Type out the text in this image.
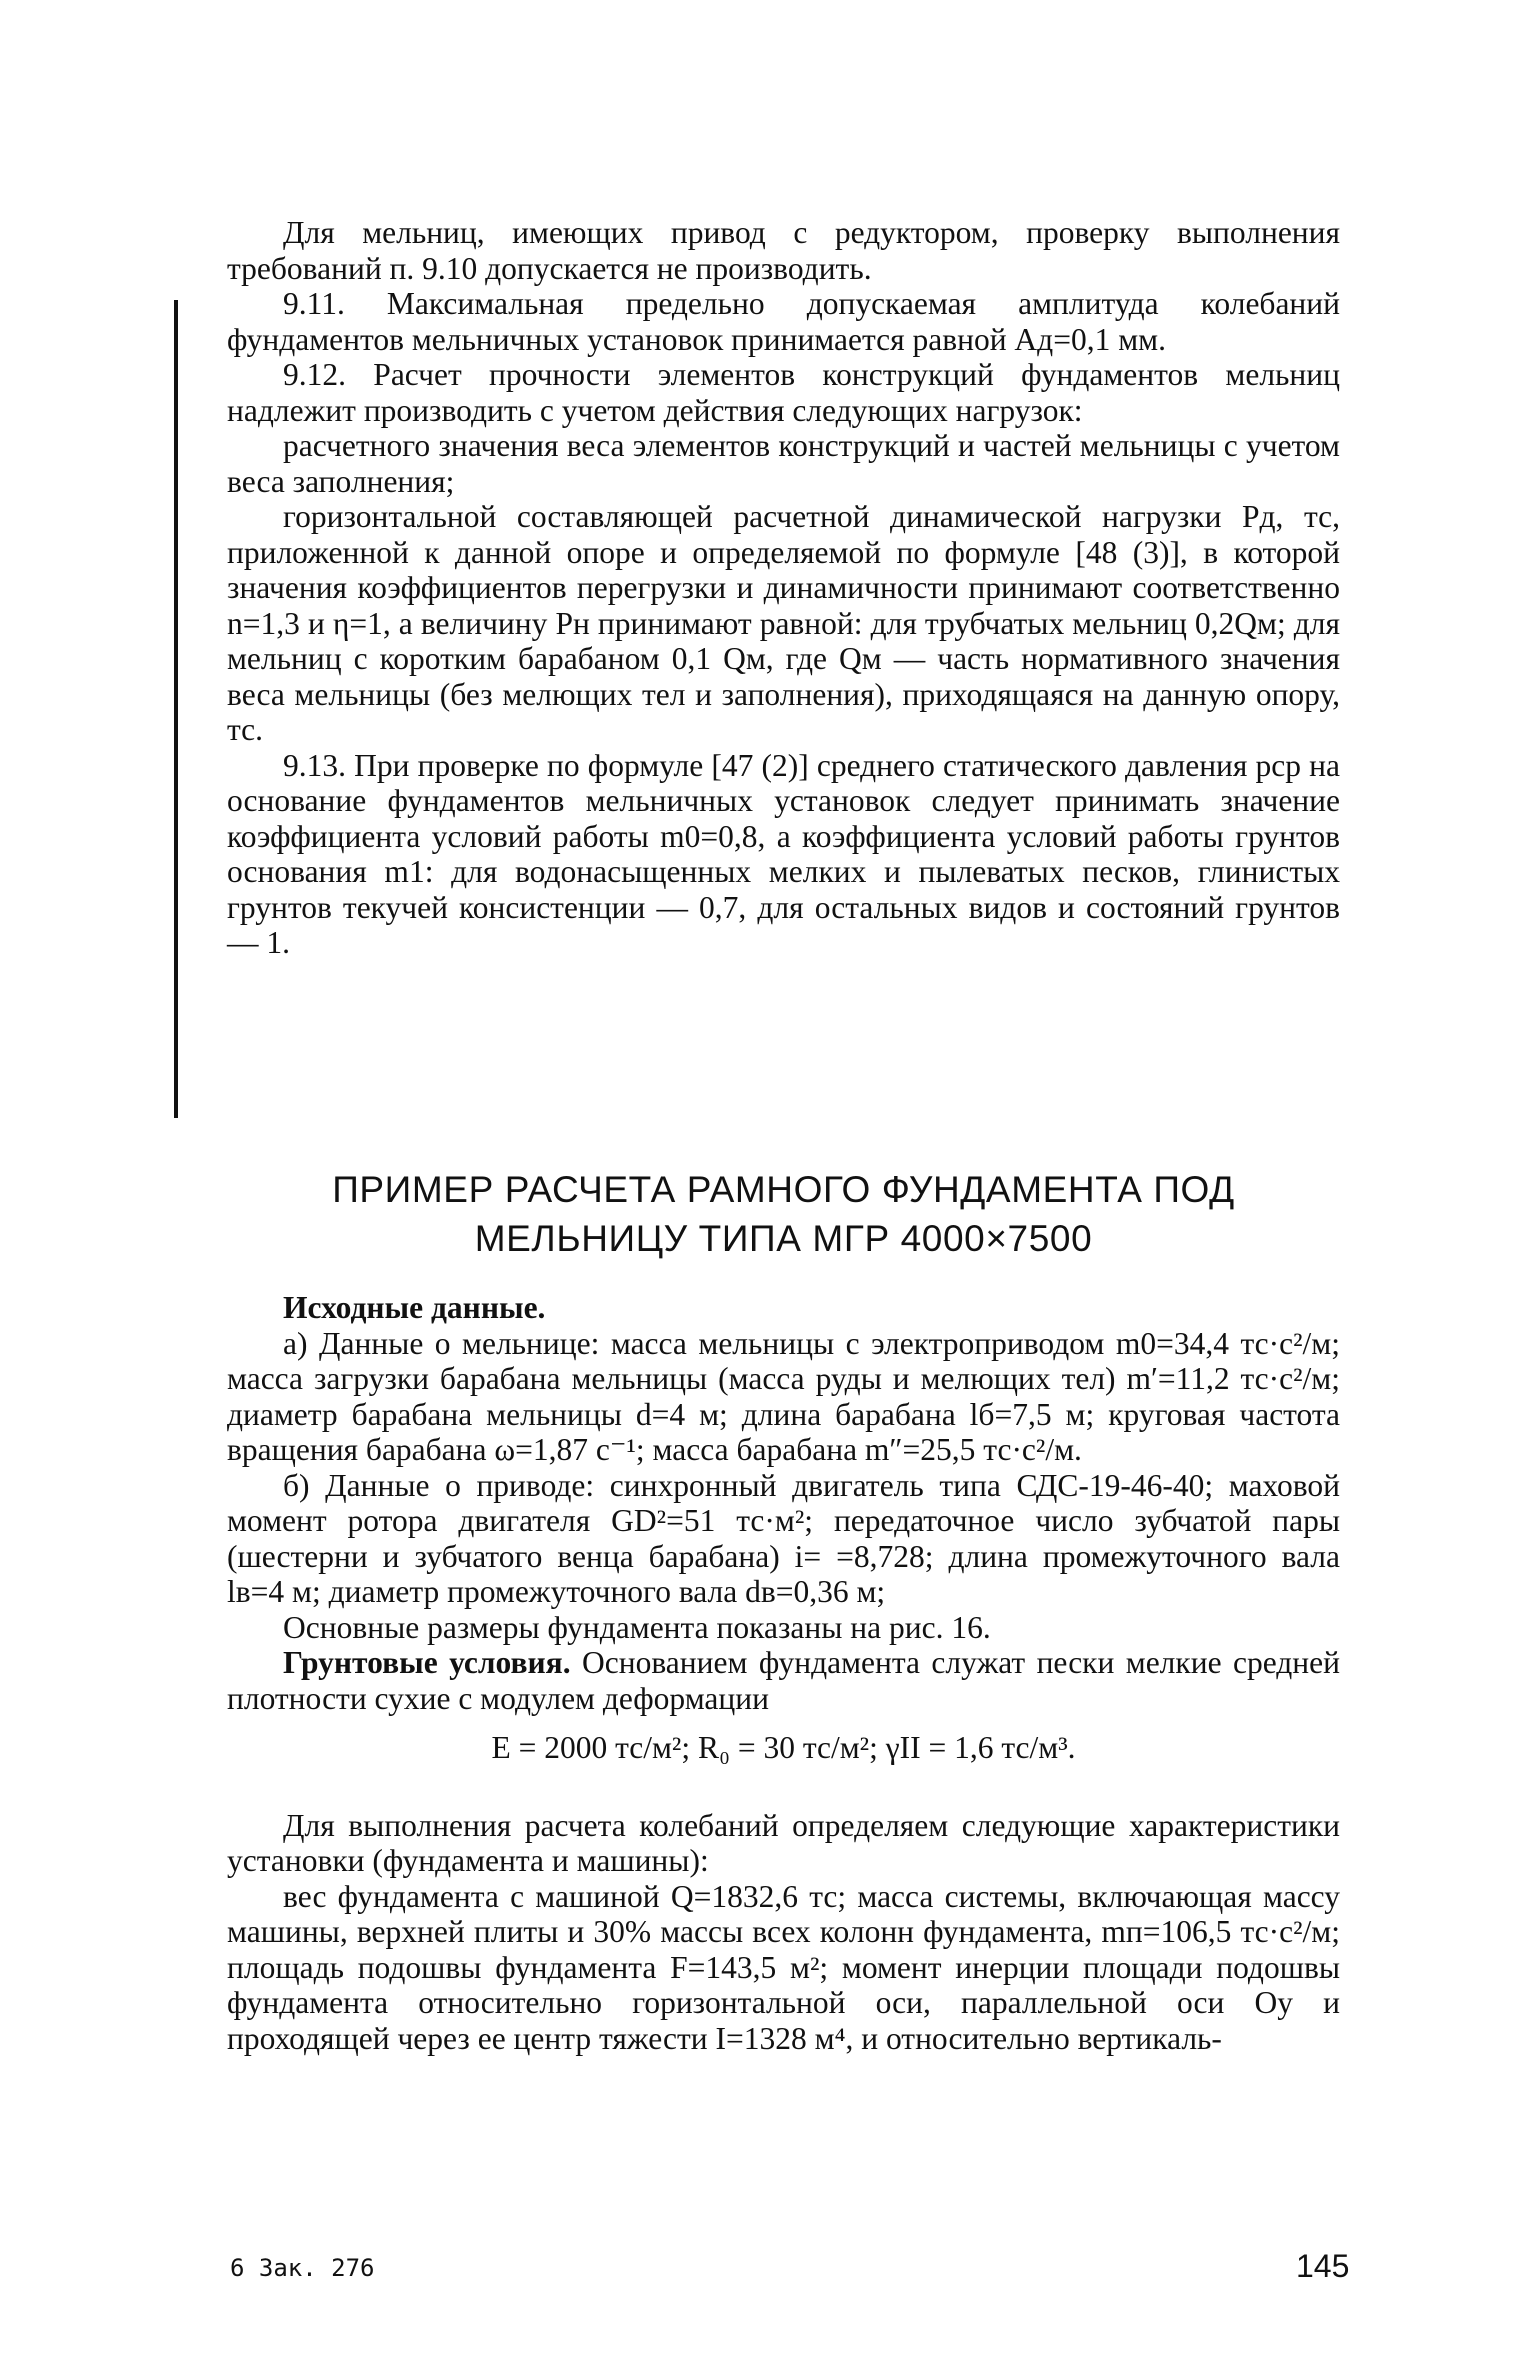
Для мельниц, имеющих привод с редуктором, проверку выполнения требований п. 9.10 допускается не производить.

9.11. Максимальная предельно допускаемая амплитуда колебаний фундаментов мельничных установок принимается равной Aд=0,1 мм.

9.12. Расчет прочности элементов конструкций фундаментов мельниц надлежит производить с учетом действия следующих нагрузок:

расчетного значения веса элементов конструкций и частей мельницы с учетом веса заполнения;

горизонтальной составляющей расчетной динамической нагрузки Pд, тс, приложенной к данной опоре и определяемой по формуле [48 (3)], в которой значения коэффициентов перегрузки и динамичности принимают соответственно n=1,3 и η=1, а величину Pн принимают равной: для трубчатых мельниц 0,2Qм; для мельниц с коротким барабаном 0,1 Qм, где Qм — часть нормативного значения веса мельницы (без мелющих тел и заполнения), приходящаяся на данную опору, тс.

9.13. При проверке по формуле [47 (2)] среднего статического давления pср на основание фундаментов мельничных установок следует принимать значение коэффициента условий работы m0=0,8, а коэффициента условий работы грунтов основания m1: для водонасыщенных мелких и пылеватых песков, глинистых грунтов текучей консистенции — 0,7, для остальных видов и состояний грунтов — 1.

ПРИМЕР РАСЧЕТА РАМНОГО ФУНДАМЕНТА ПОД
МЕЛЬНИЦУ ТИПА МГР 4000×7500

Исходные данные.

а) Данные о мельнице: масса мельницы с электроприводом m0=34,4 тс·с²/м; масса загрузки барабана мельницы (масса руды и мелющих тел) m′=11,2 тс·с²/м; диаметр барабана мельницы d=4 м; длина барабана lб=7,5 м; круговая частота вращения барабана ω=1,87 с⁻¹; масса барабана m″=25,5 тс·с²/м.

б) Данные о приводе: синхронный двигатель типа СДС-19-46-40; маховой момент ротора двигателя GD²=51 тс·м²; передаточное число зубчатой пары (шестерни и зубчатого венца барабана) i= =8,728; длина промежуточного вала lв=4 м; диаметр промежуточного вала dв=0,36 м;

Основные размеры фундамента показаны на рис. 16.

Грунтовые условия. Основанием фундамента служат пески мелкие средней плотности сухие с модулем деформации

E = 2000 тс/м²; R₀ = 30 тс/м²; γII = 1,6 тс/м³.

Для выполнения расчета колебаний определяем следующие характеристики установки (фундамента и машины):

вес фундамента с машиной Q=1832,6 тс; масса системы, включающая массу машины, верхней плиты и 30% массы всех колонн фундамента, mп=106,5 тс·с²/м; площадь подошвы фундамента F=143,5 м²; момент инерции площади подошвы фундамента относительно горизонтальной оси, параллельной оси Oy и проходящей через ее центр тяжести I=1328 м⁴, и относительно вертикаль-

6 Зак. 276	145
